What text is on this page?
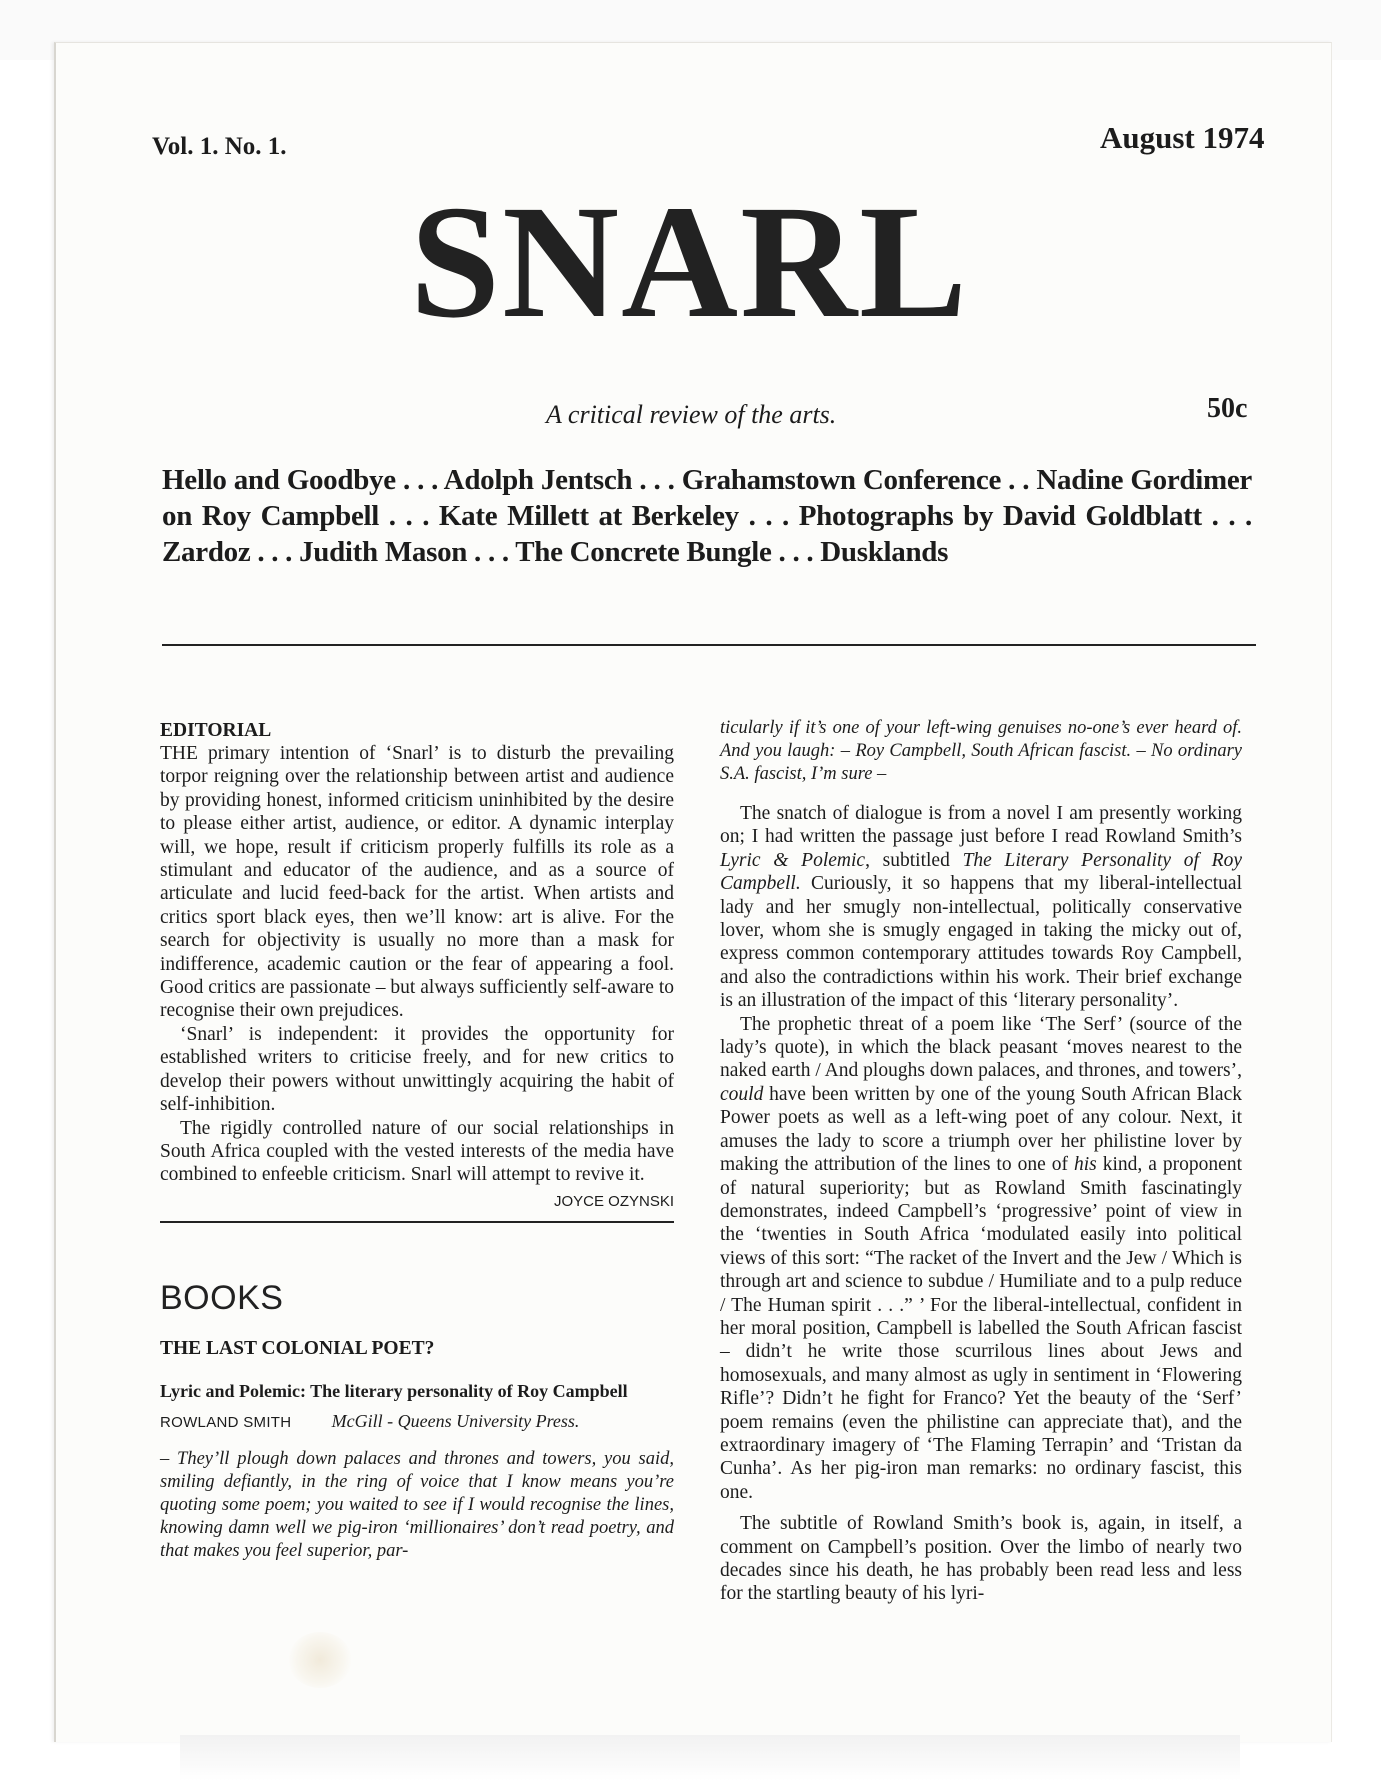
Vol. 1. No. 1.	August 1974
SNARL
A critical review of the arts.	50c
Hello and Goodbye . . . Adolph Jentsch . . . Grahamstown Conference . . Nadine Gordimer on Roy Campbell . . . Kate Millett at Berkeley . . . Photographs by David Goldblatt . . . Zardoz . . . Judith Mason . . . The Concrete Bungle . . . Dusklands
EDITORIAL

THE primary intention of ‘Snarl’ is to disturb the prevailing torpor reigning over the relationship between artist and audience by providing honest, informed criticism uninhibited by the desire to please either artist, audience, or editor. A dynamic interplay will, we hope, result if criticism properly fulfills its role as a stimulant and educator of the audience, and as a source of articulate and lucid feed-back for the artist. When artists and critics sport black eyes, then we’ll know: art is alive. For the search for objectivity is usually no more than a mask for indifference, academic caution or the fear of appearing a fool. Good critics are passionate – but always sufficiently self-aware to recognise their own prejudices.

‘Snarl’ is independent: it provides the opportunity for established writers to criticise freely, and for new critics to develop their powers without unwittingly acquiring the habit of self-inhibition.

The rigidly controlled nature of our social relationships in South Africa coupled with the vested interests of the media have combined to enfeeble criticism. Snarl will attempt to revive it.

JOYCE OZYNSKI

BOOKS
THE LAST COLONIAL POET?
Lyric and Polemic: The literary personality of Roy Campbell
ROWLAND SMITH McGill - Queens University Press.

– They’ll plough down palaces and thrones and towers, you said, smiling defiantly, in the ring of voice that I know means you’re quoting some poem; you waited to see if I would recognise the lines, knowing damn well we pig-iron ‘millionaires’ don’t read poetry, and that makes you feel superior, par-

ticularly if it’s one of your left-wing genuises no-one’s ever heard of. And you laugh: – Roy Campbell, South African fascist. – No ordinary S.A. fascist, I’m sure –

The snatch of dialogue is from a novel I am presently working on; I had written the passage just before I read Rowland Smith’s Lyric & Polemic, subtitled The Literary Personality of Roy Campbell. Curiously, it so happens that my liberal-intellectual lady and her smugly non-intellectual, politically conservative lover, whom she is smugly engaged in taking the micky out of, express common contemporary attitudes towards Roy Campbell, and also the contradictions within his work. Their brief exchange is an illustration of the impact of this ‘literary personality’.

The prophetic threat of a poem like ‘The Serf’ (source of the lady’s quote), in which the black peasant ‘moves nearest to the naked earth / And ploughs down palaces, and thrones, and towers’, could have been written by one of the young South African Black Power poets as well as a left-wing poet of any colour. Next, it amuses the lady to score a triumph over her philistine lover by making the attribution of the lines to one of his kind, a proponent of natural superiority; but as Rowland Smith fascinatingly demonstrates, indeed Campbell’s ‘progressive’ point of view in the ‘twenties in South Africa ‘modulated easily into political views of this sort: “The racket of the Invert and the Jew / Which is through art and science to subdue / Humiliate and to a pulp reduce / The Human spirit . . .” ’ For the liberal-intellectual, confident in her moral position, Campbell is labelled the South African fascist – didn’t he write those scurrilous lines about Jews and homosexuals, and many almost as ugly in sentiment in ‘Flowering Rifle’? Didn’t he fight for Franco? Yet the beauty of the ‘Serf’ poem remains (even the philistine can appreciate that), and the extraordinary imagery of ‘The Flaming Terrapin’ and ‘Tristan da Cunha’. As her pig-iron man remarks: no ordinary fascist, this one.

The subtitle of Rowland Smith’s book is, again, in itself, a comment on Campbell’s position. Over the limbo of nearly two decades since his death, he has probably been read less and less for the startling beauty of his lyri-
